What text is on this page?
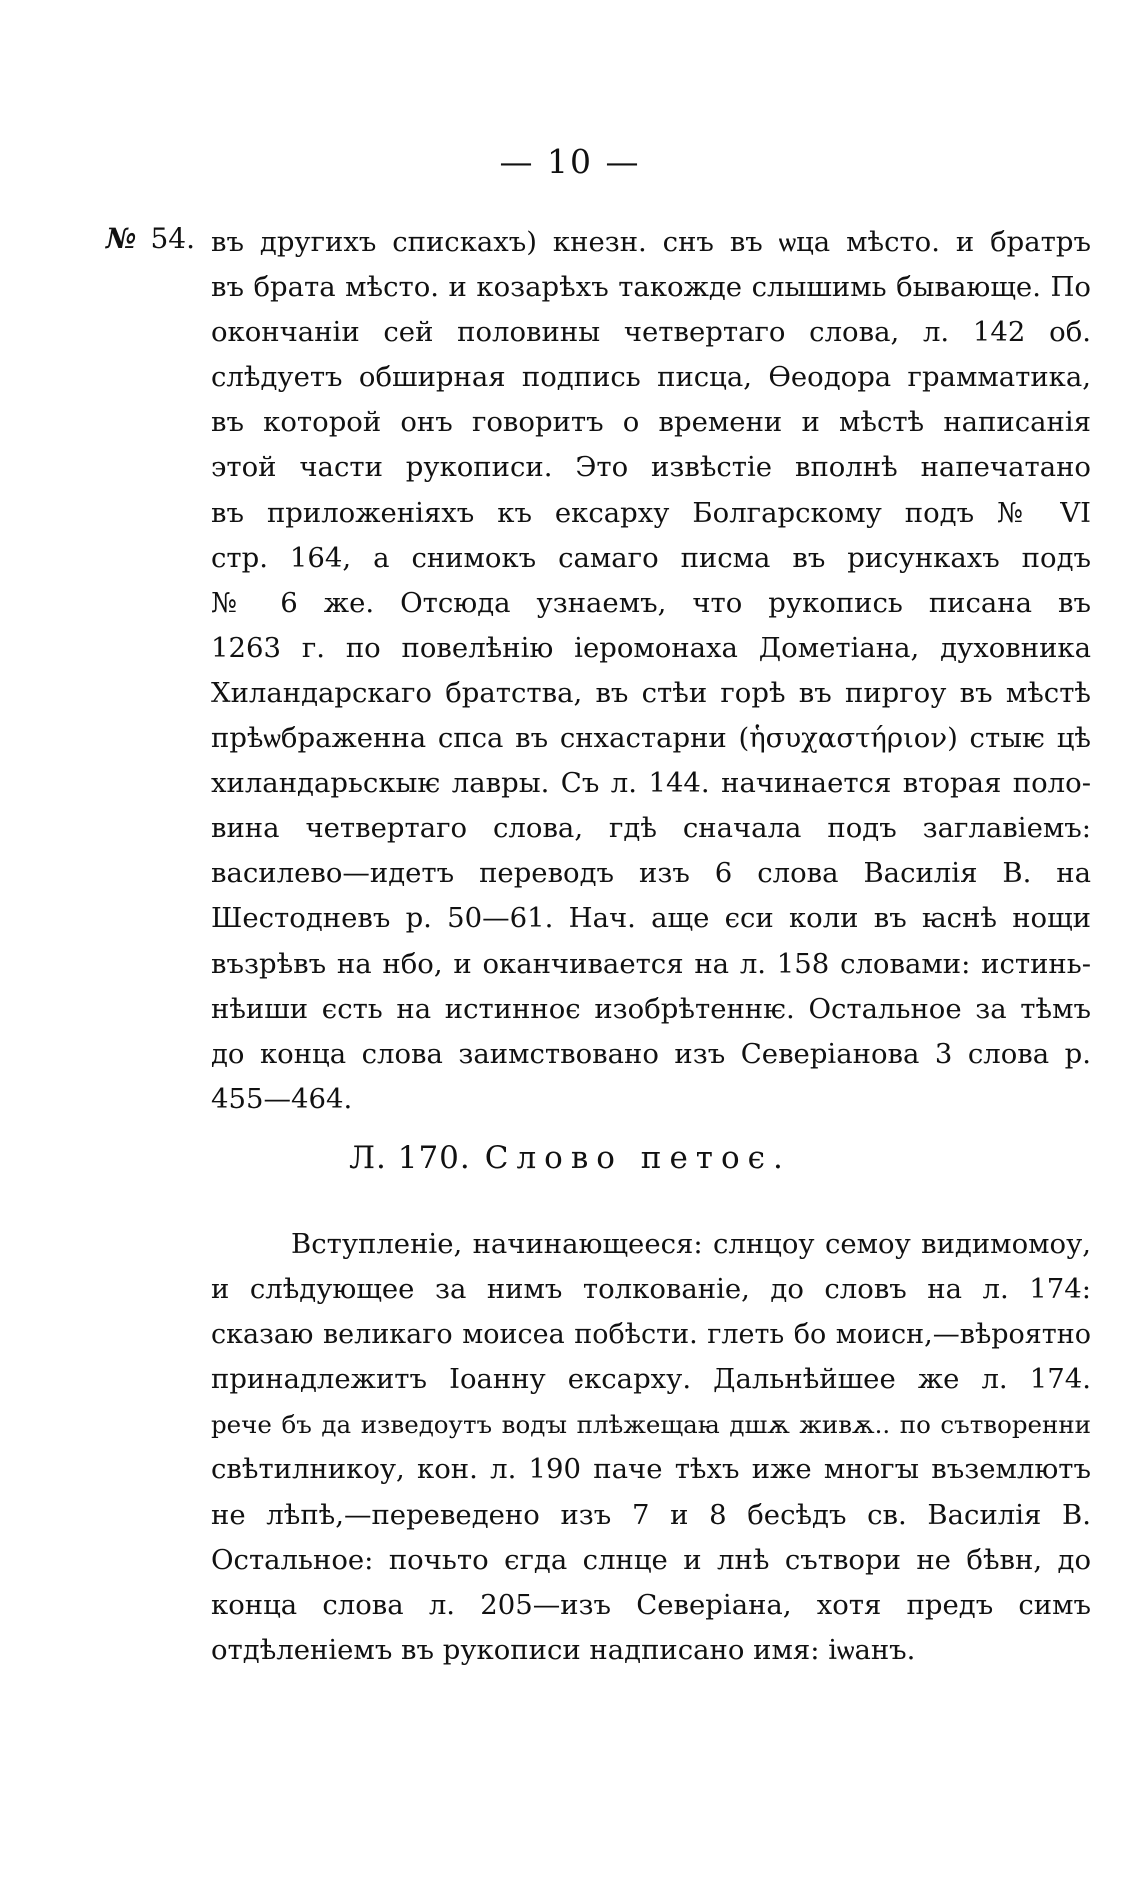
— 10 —
№ 54. въ другихъ спискахъ) кнезн. снъ въ ѡца мѣсто. и братръ
въ брата мѣсто. и козарѣхъ такожде слышимь бывающе. По
окончаніи сей половины четвертаго слова, л. 142 об.
слѣдуетъ обширная подпись писца, Ѳеодора грамматика,
въ которой онъ говоритъ о времени и мѣстѣ написанія
этой части рукописи. Это извѣстіе вполнѣ напечатано
въ приложеніяхъ къ ексарху Болгарскому подъ № VI
стр. 164, а снимокъ самаго писма въ рисункахъ подъ
№ 6 же. Отсюда узнаемъ, что рукопись писана въ
1263 г. по повелѣнію іеромонаха Дометіана, духовника
Хиландарскаго братства, въ стѣи горѣ въ пиргоу въ мѣстѣ
прѣѡбраженна спса въ снхастарни (ἡσυχαστήριον) стыѥ цѣ
хиландарьскыѥ лавры. Съ л. 144. начинается вторая поло-
вина четвертаго слова, гдѣ сначала подъ заглавіемъ:
василево—идетъ переводъ изъ 6 слова Василія В. на
Шестодневъ р. 50—61. Нач. аще єси коли въ ꙗснѣ нощи
възрѣвъ на нбо, и оканчивается на л. 158 словами: истинь-
нѣиши єсть на истинноє изобрѣтеннѥ. Остальное за тѣмъ
до конца слова заимствовано изъ Северіанова 3 слова р.
455—464.
Л. 170. Слово петоє.
Вступленіе, начинающееся: слнцоу семоу видимомоу,
и слѣдующее за нимъ толкованіе, до словъ на л. 174:
сказаю великаго моисеа побѣсти. глеть бо моисн,—вѣроятно
принадлежитъ Іоанну ексарху. Дальнѣйшее же л. 174.
рече бъ да изведоутъ водꙑ плѣжещаꙗ дшѫ живѫ.. по сътворенни
свѣтилникоу, кон. л. 190 паче тѣхъ иже многꙑ въземлютъ
не лѣпѣ,—переведено изъ 7 и 8 бесѣдъ св. Василія В.
Остальное: почьто єгда слнце и лнѣ сътвори не бѣвн, до
конца слова л. 205—изъ Северіана, хотя предъ симъ
отдѣленіемъ въ рукописи надписано имя: іѡанъ.
